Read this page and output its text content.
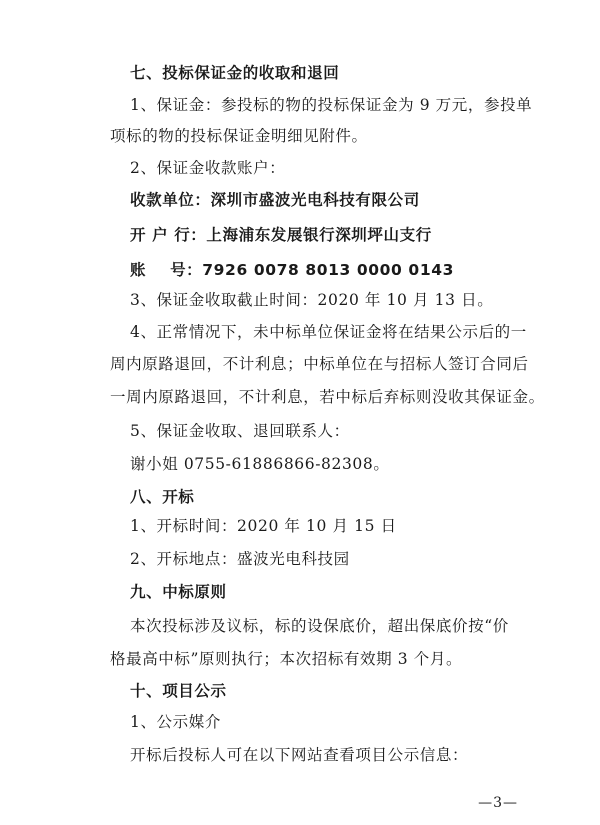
七、投标保证金的收取和退回
1、保证金：参投标的物的投标保证金为 9 万元，参投单
项标的物的投标保证金明细见附件。
2、保证金收款账户：
收款单位：深圳市盛波光电科技有限公司
开 户 行：上海浦东发展银行深圳坪山支行
账    号：7926 0078 8013 0000 0143
3、保证金收取截止时间：2020 年 10 月 13 日。
4、正常情况下，未中标单位保证金将在结果公示后的一
周内原路退回，不计利息；中标单位在与招标人签订合同后
一周内原路退回，不计利息，若中标后弃标则没收其保证金。
5、保证金收取、退回联系人：
谢小姐 0755-61886866-82308。
八、开标
1、开标时间：2020 年 10 月 15 日
2、开标地点：盛波光电科技园
九、中标原则
本次投标涉及议标，标的设保底价，超出保底价按“价
格最高中标”原则执行；本次招标有效期 3 个月。
十、项目公示
1、公示媒介
开标后投标人可在以下网站查看项目公示信息：
—3—
